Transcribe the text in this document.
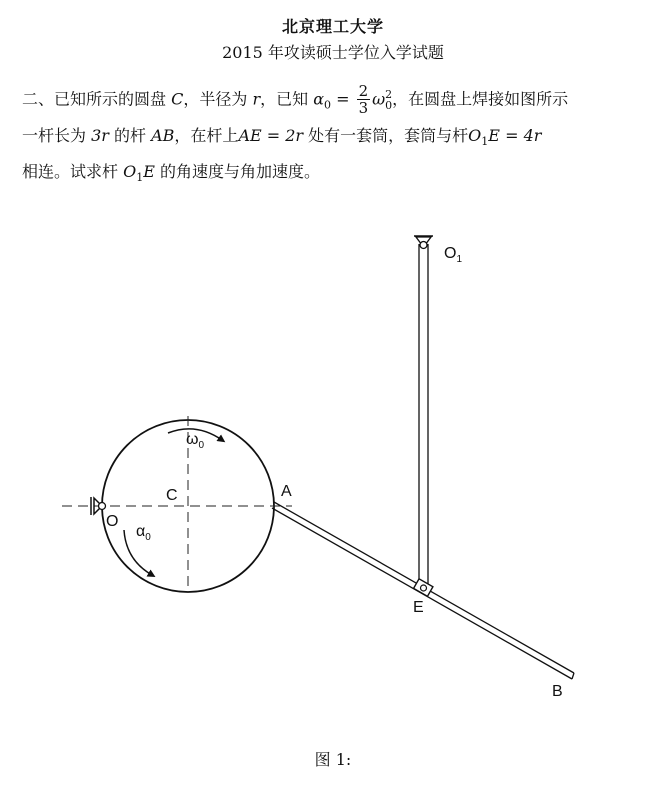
北京理工大学
2015 年攻读硕士学位入学试题
二、已知所示的圆盘 C，半径为 r，已知 $\alpha_0 = \frac{2}{3} \omega^2_0$，在圆盘上焊接如图所示
一杆长为 3r 的杆 AB，在杆上AE = 2r 处有一套筒，套筒与杆$O_1E = 4r$
相连。试求杆 $O_1E$ 的角速度与角加速度。
$O_1$
$\omega_0$
C	A
O
$\alpha_0$
E
B
图 1:
